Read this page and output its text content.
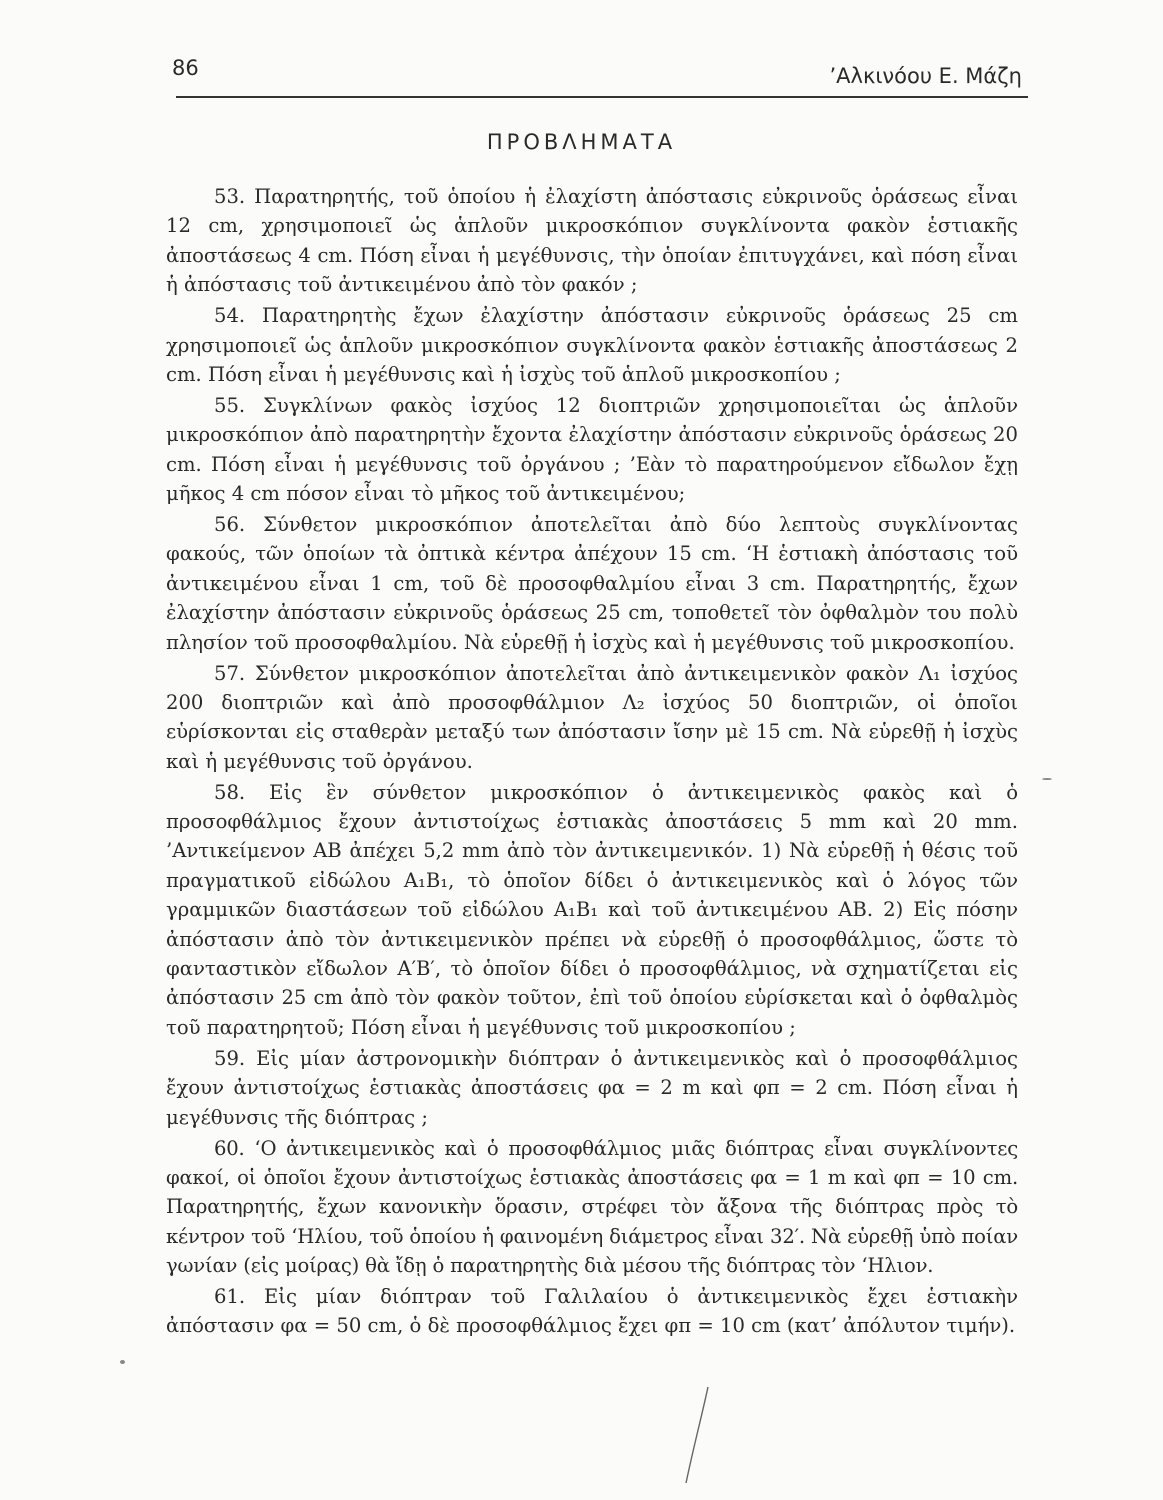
86	’Αλκινόου Ε. Μάζη
ΠΡΟΒΛΗΜΑΤΑ

53. Παρατηρητής, τοῦ ὁποίου ἡ ἐλαχίστη ἀπόστασις εὐκρινοῦς ὁράσεως εἶναι 12 cm, χρησιμοποιεῖ ὡς ἁπλοῦν μικροσκόπιον συγκλίνοντα φακὸν ἑστιακῆς ἀποστάσεως 4 cm. Πόση εἶναι ἡ μεγέθυνσις, τὴν ὁποίαν ἐπιτυγχάνει, καὶ πόση εἶναι ἡ ἀπόστασις τοῦ ἀντικειμένου ἀπὸ τὸν φακόν ;

54. Παρατηρητὴς ἔχων ἐλαχίστην ἀπόστασιν εὐκρινοῦς ὁράσεως 25 cm χρησιμοποιεῖ ὡς ἁπλοῦν μικροσκόπιον συγκλίνοντα φακὸν ἑστιακῆς ἀποστάσεως 2 cm. Πόση εἶναι ἡ μεγέθυνσις καὶ ἡ ἰσχὺς τοῦ ἁπλοῦ μικροσκοπίου ;

55. Συγκλίνων φακὸς ἰσχύος 12 διοπτριῶν χρησιμοποιεῖται ὡς ἁπλοῦν μικροσκόπιον ἀπὸ παρατηρητὴν ἔχοντα ἐλαχίστην ἀπόστασιν εὐκρινοῦς ὁράσεως 20 cm. Πόση εἶναι ἡ μεγέθυνσις τοῦ ὀργάνου ; ’Εὰν τὸ παρατηρούμενον εἴδωλον ἔχῃ μῆκος 4 cm πόσον εἶναι τὸ μῆκος τοῦ ἀντικειμένου;

56. Σύνθετον μικροσκόπιον ἀποτελεῖται ἀπὸ δύο λεπτοὺς συγκλίνοντας φακούς, τῶν ὁποίων τὰ ὀπτικὰ κέντρα ἀπέχουν 15 cm. ‘Η ἑστιακὴ ἀπόστασις τοῦ ἀντικειμένου εἶναι 1 cm, τοῦ δὲ προσοφθαλμίου εἶναι 3 cm. Παρατηρητής, ἔχων ἐλαχίστην ἀπόστασιν εὐκρινοῦς ὁράσεως 25 cm, τοποθετεῖ τὸν ὀφθαλμὸν του πολὺ πλησίον τοῦ προσοφθαλμίου. Νὰ εὑρεθῇ ἡ ἰσχὺς καὶ ἡ μεγέθυνσις τοῦ μικροσκοπίου.

57. Σύνθετον μικροσκόπιον ἀποτελεῖται ἀπὸ ἀντικειμενικὸν φακὸν Λ₁ ἰσχύος 200 διοπτριῶν καὶ ἀπὸ προσοφθάλμιον Λ₂ ἰσχύος 50 διοπτριῶν, οἱ ὁποῖοι εὑρίσκονται εἰς σταθερὰν μεταξύ των ἀπόστασιν ἴσην μὲ 15 cm. Νὰ εὑρεθῇ ἡ ἰσχὺς καὶ ἡ μεγέθυνσις τοῦ ὀργάνου.

58. Εἰς ἓν σύνθετον μικροσκόπιον ὁ ἀντικειμενικὸς φακὸς καὶ ὁ προσοφθάλμιος ἔχουν ἀντιστοίχως ἑστιακὰς ἀποστάσεις 5 mm καὶ 20 mm. ’Αντικείμενον ΑΒ ἀπέχει 5,2 mm ἀπὸ τὸν ἀντικειμενικόν. 1) Νὰ εὑρεθῇ ἡ θέσις τοῦ πραγματικοῦ εἰδώλου Α₁Β₁, τὸ ὁποῖον δίδει ὁ ἀντικειμενικὸς καὶ ὁ λόγος τῶν γραμμικῶν διαστάσεων τοῦ εἰδώλου Α₁Β₁ καὶ τοῦ ἀντικειμένου ΑΒ. 2) Εἰς πόσην ἀπόστασιν ἀπὸ τὸν ἀντικειμενικὸν πρέπει νὰ εὑρεθῇ ὁ προσοφθάλμιος, ὥστε τὸ φανταστικὸν εἴδωλον Α′Β′, τὸ ὁποῖον δίδει ὁ προσοφθάλμιος, νὰ σχηματίζεται εἰς ἀπόστασιν 25 cm ἀπὸ τὸν φακὸν τοῦτον, ἐπὶ τοῦ ὁποίου εὑρίσκεται καὶ ὁ ὀφθαλμὸς τοῦ παρατηρητοῦ; Πόση εἶναι ἡ μεγέθυνσις τοῦ μικροσκοπίου ;

59. Εἰς μίαν ἀστρονομικὴν διόπτραν ὁ ἀντικειμενικὸς καὶ ὁ προσοφθάλμιος ἔχουν ἀντιστοίχως ἑστιακὰς ἀποστάσεις φα = 2 m καὶ φπ = 2 cm. Πόση εἶναι ἡ μεγέθυνσις τῆς διόπτρας ;

60. ‘Ο ἀντικειμενικὸς καὶ ὁ προσοφθάλμιος μιᾶς διόπτρας εἶναι συγκλίνοντες φακοί, οἱ ὁποῖοι ἔχουν ἀντιστοίχως ἑστιακὰς ἀποστάσεις φα = 1 m καὶ φπ = 10 cm. Παρατηρητής, ἔχων κανονικὴν ὅρασιν, στρέφει τὸν ἄξονα τῆς διόπτρας πρὸς τὸ κέντρον τοῦ ‘Ηλίου, τοῦ ὁποίου ἡ φαινομένη διάμετρος εἶναι 32′. Νὰ εὑρεθῇ ὑπὸ ποίαν γωνίαν (εἰς μοίρας) θὰ ἴδῃ ὁ παρατηρητὴς διὰ μέσου τῆς διόπτρας τὸν ‘Ηλιον.

61. Εἰς μίαν διόπτραν τοῦ Γαλιλαίου ὁ ἀντικειμενικὸς ἔχει ἑστιακὴν ἀπόστασιν φα = 50 cm, ὁ δὲ προσοφθάλμιος ἔχει φπ = 10 cm (κατ’ ἀπόλυτον τιμήν).
